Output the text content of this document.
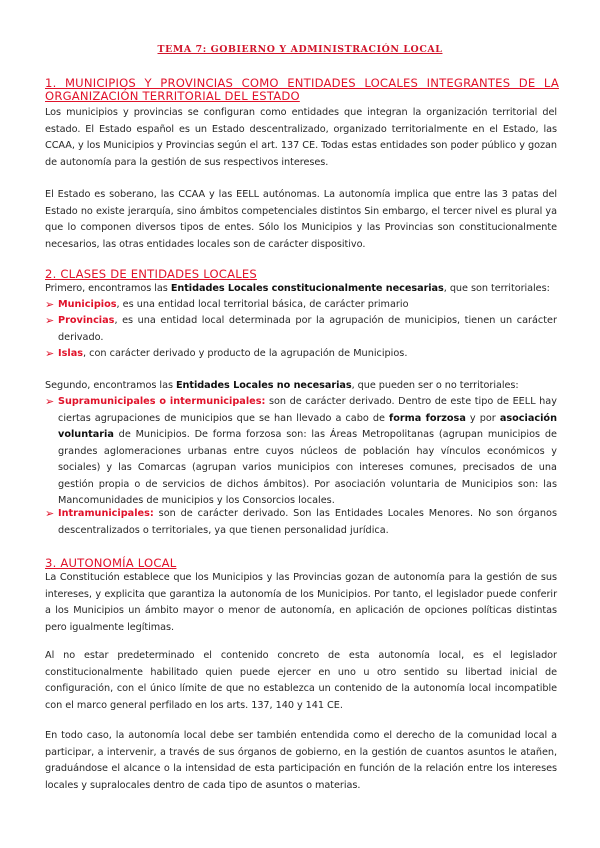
TEMA 7: GOBIERNO Y ADMINISTRACIÓN LOCAL
1. MUNICIPIOS Y PROVINCIAS COMO ENTIDADES LOCALES INTEGRANTES DE LA ORGANIZACIÓN TERRITORIAL DEL ESTADO

Los municipios y provincias se configuran como entidades que integran la organización territorial del estado. El Estado español es un Estado descentralizado, organizado territorialmente en el Estado, las CCAA, y los Municipios y Provincias según el art. 137 CE. Todas estas entidades son poder público y gozan de autonomía para la gestión de sus respectivos intereses.

El Estado es soberano, las CCAA y las EELL autónomas. La autonomía implica que entre las 3 patas del Estado no existe jerarquía, sino ámbitos competenciales distintos Sin embargo, el tercer nivel es plural ya que lo componen diversos tipos de entes. Sólo los Municipios y las Provincias son constitucionalmente necesarios, las otras entidades locales son de carácter dispositivo.

2. CLASES DE ENTIDADES LOCALES

Primero, encontramos las Entidades Locales constitucionalmente necesarias, que son territoriales:

➢ Municipios, es una entidad local territorial básica, de carácter primario
➢ Provincias, es una entidad local determinada por la agrupación de municipios, tienen un carácter derivado.
➢ Islas, con carácter derivado y producto de la agrupación de Municipios.

Segundo, encontramos las Entidades Locales no necesarias, que pueden ser o no territoriales:

➢ Supramunicipales o intermunicipales: son de carácter derivado. Dentro de este tipo de EELL hay ciertas agrupaciones de municipios que se han llevado a cabo de forma forzosa y por asociación voluntaria de Municipios. De forma forzosa son: las Áreas Metropolitanas (agrupan municipios de grandes aglomeraciones urbanas entre cuyos núcleos de población hay vínculos económicos y sociales) y las Comarcas (agrupan varios municipios con intereses comunes, precisados de una gestión propia o de servicios de dichos ámbitos). Por asociación voluntaria de Municipios son: las Mancomunidades de municipios y los Consorcios locales.
➢ Intramunicipales: son de carácter derivado. Son las Entidades Locales Menores. No son órganos descentralizados o territoriales, ya que tienen personalidad jurídica.
3. AUTONOMÍA LOCAL

La Constitución establece que los Municipios y las Provincias gozan de autonomía para la gestión de sus intereses, y explicita que garantiza la autonomía de los Municipios. Por tanto, el legislador puede conferir a los Municipios un ámbito mayor o menor de autonomía, en aplicación de opciones políticas distintas pero igualmente legítimas.

Al no estar predeterminado el contenido concreto de esta autonomía local, es el legislador constitucionalmente habilitado quien puede ejercer en uno u otro sentido su libertad inicial de configuración, con el único límite de que no establezca un contenido de la autonomía local incompatible con el marco general perfilado en los arts. 137, 140 y 141 CE.

En todo caso, la autonomía local debe ser también entendida como el derecho de la comunidad local a participar, a intervenir, a través de sus órganos de gobierno, en la gestión de cuantos asuntos le atañen, graduándose el alcance o la intensidad de esta participación en función de la relación entre los intereses locales y supralocales dentro de cada tipo de asuntos o materias.
